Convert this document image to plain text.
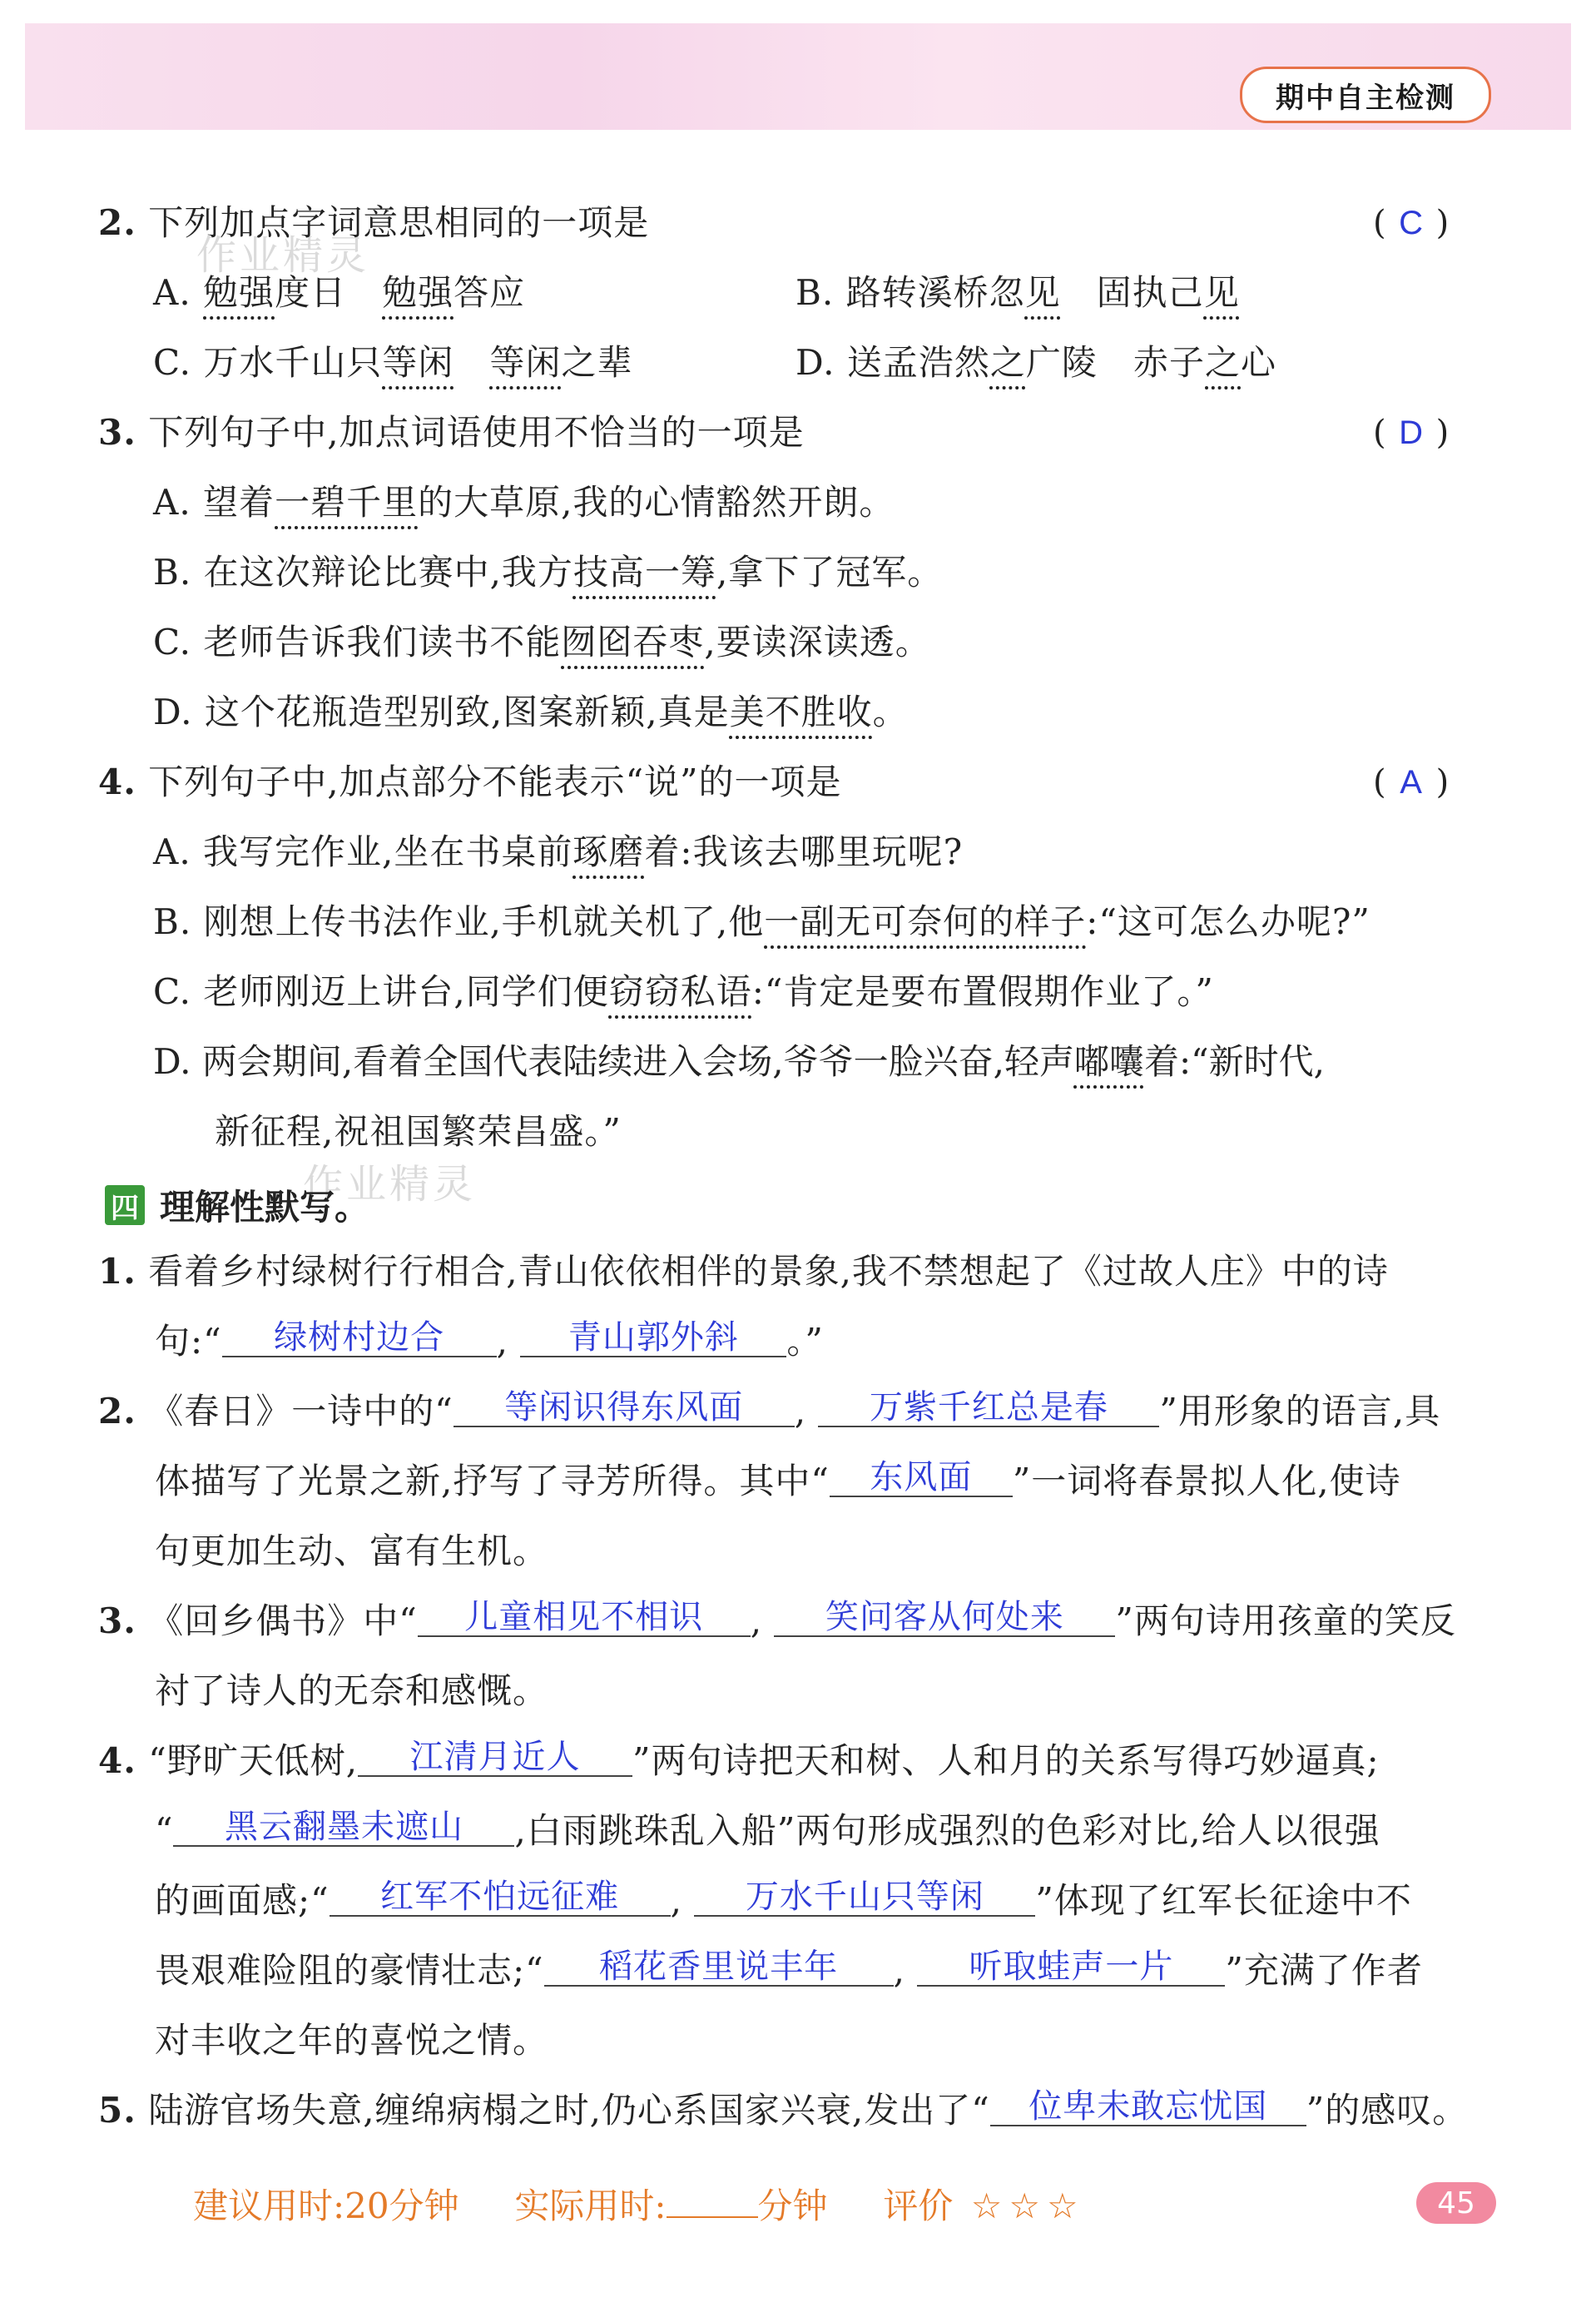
期中自主检测
作业精灵
作业精灵
2. 下列加点字词意思相同的一项是	( C )
A. 勉强度日 勉强答应	B. 路转溪桥忽见 固执己见
C. 万水千山只等闲 等闲之辈	D. 送孟浩然之广陵 赤子之心
3. 下列句子中,加点词语使用不恰当的一项是	( D )
A. 望着一碧千里的大草原,我的心情豁然开朗。
B. 在这次辩论比赛中,我方技高一筹,拿下了冠军。
C. 老师告诉我们读书不能囫囵吞枣,要读深读透。
D. 这个花瓶造型别致,图案新颖,真是美不胜收。
4. 下列句子中,加点部分不能表示“说”的一项是	( A )
A. 我写完作业,坐在书桌前琢磨着:我该去哪里玩呢?
B. 刚想上传书法作业,手机就关机了,他一副无可奈何的样子:“这可怎么办呢?”
C. 老师刚迈上讲台,同学们便窃窃私语:“肯定是要布置假期作业了。”
D. 两会期间,看着全国代表陆续进入会场,爷爷一脸兴奋,轻声嘟囔着:“新时代,
新征程,祝祖国繁荣昌盛。”
四 理解性默写。
1. 看着乡村绿树行行相合,青山依依相伴的景象,我不禁想起了《过故人庄》中的诗
句:“ 绿树村边合 , 青山郭外斜 。”
2. 《春日》一诗中的“ 等闲识得东风面 , 万紫千红总是春 ”用形象的语言,具
体描写了光景之新,抒写了寻芳所得。其中“ 东风面 ”一词将春景拟人化,使诗
句更加生动、富有生机。
3. 《回乡偶书》中“ 儿童相见不相识 , 笑问客从何处来 ”两句诗用孩童的笑反
衬了诗人的无奈和感慨。
4. “野旷天低树, 江清月近人 ”两句诗把天和树、人和月的关系写得巧妙逼真;
“ 黑云翻墨未遮山 ,白雨跳珠乱入船”两句形成强烈的色彩对比,给人以很强
的画面感;“ 红军不怕远征难 , 万水千山只等闲 ”体现了红军长征途中不
畏艰难险阻的豪情壮志;“ 稻花香里说丰年 , 听取蛙声一片 ”充满了作者
对丰收之年的喜悦之情。
5. 陆游官场失意,缠绵病榻之时,仍心系国家兴衰,发出了“ 位卑未敢忘忧国 ”的感叹。
建议用时:20分钟 实际用时:	分钟 评价 ☆ ☆ ☆	45
